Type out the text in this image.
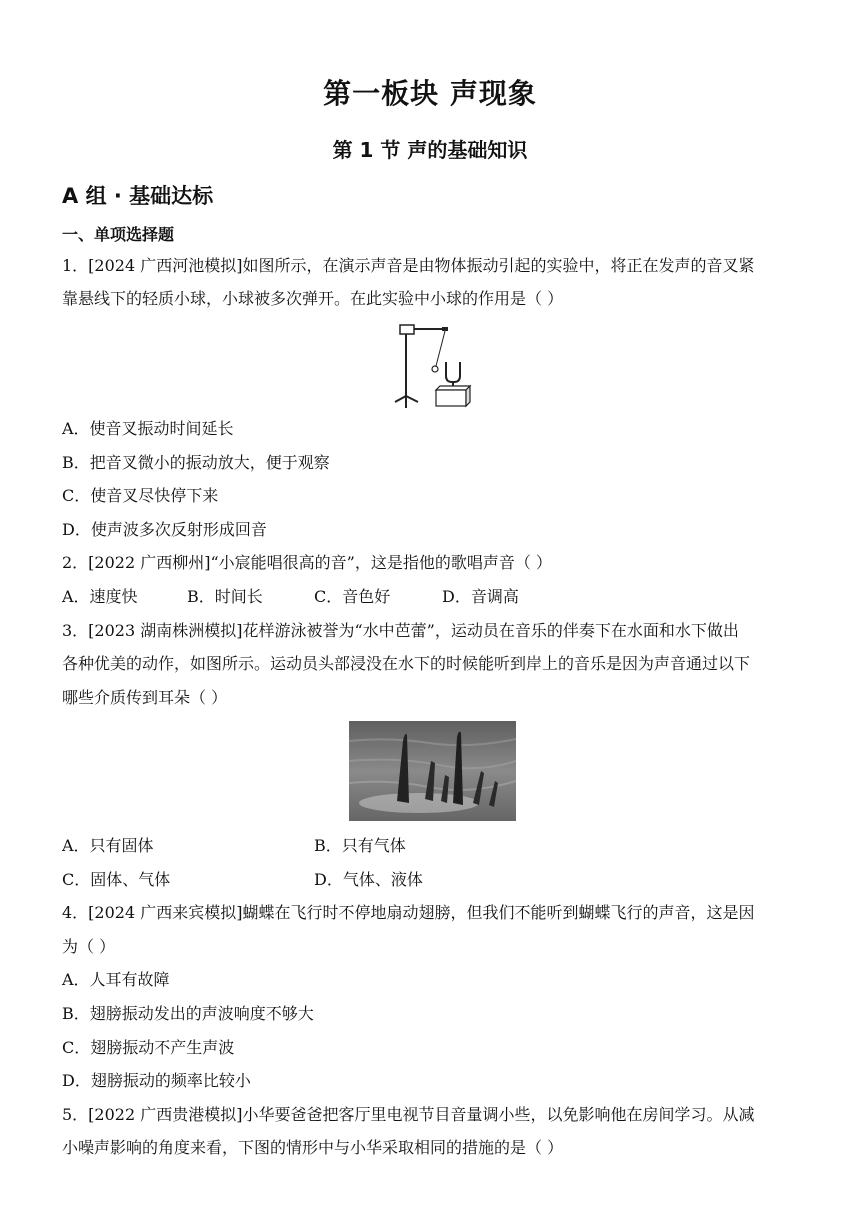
第一板块 声现象
第 1 节 声的基础知识
A 组 · 基础达标
一、单项选择题
1．[2024 广西河池模拟]如图所示，在演示声音是由物体振动引起的实验中，将正在发声的音叉紧
靠悬线下的轻质小球，小球被多次弹开。在此实验中小球的作用是（ ）
A．使音叉振动时间延长
B．把音叉微小的振动放大，便于观察
C．使音叉尽快停下来
D．使声波多次反射形成回音
2．[2022 广西柳州]“小宸能唱很高的音”，这是指他的歌唱声音（ ）
A．速度快	B．时间长	C．音色好	D．音调高
3．[2023 湖南株洲模拟]花样游泳被誉为“水中芭蕾”，运动员在音乐的伴奏下在水面和水下做出
各种优美的动作，如图所示。运动员头部浸没在水下的时候能听到岸上的音乐是因为声音通过以下
哪些介质传到耳朵（ ）
A．只有固体	B．只有气体
C．固体、气体	D．气体、液体
4．[2024 广西来宾模拟]蝴蝶在飞行时不停地扇动翅膀，但我们不能听到蝴蝶飞行的声音，这是因
为（ ）
A．人耳有故障
B．翅膀振动发出的声波响度不够大
C．翅膀振动不产生声波
D．翅膀振动的频率比较小
5．[2022 广西贵港模拟]小华要爸爸把客厅里电视节目音量调小些，以免影响他在房间学习。从减
小噪声影响的角度来看，下图的情形中与小华采取相同的措施的是（ ）
